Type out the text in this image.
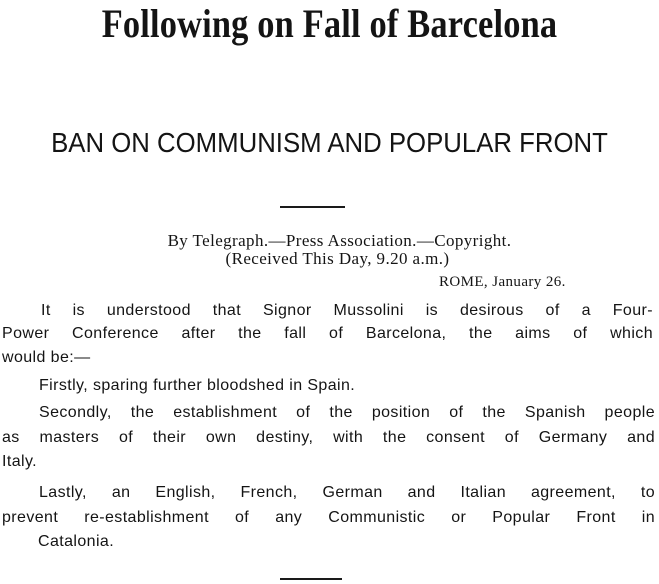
Following on Fall of Barcelona
BAN ON COMMUNISM AND POPULAR FRONT
By Telegraph.—Press Association.—Copyright.
(Received This Day, 9.20 a.m.)
ROME, January 26.
It is understood that Signor Mussolini is desirous of a Four-
Power Conference after the fall of Barcelona, the aims of which
would be:—
Firstly, sparing further bloodshed in Spain.
Secondly, the establishment of the position of the Spanish people
as masters of their own destiny, with the consent of Germany and
Italy.
Lastly, an English, French, German and Italian agreement, to
prevent re-establishment of any Communistic or Popular Front in
Catalonia.
